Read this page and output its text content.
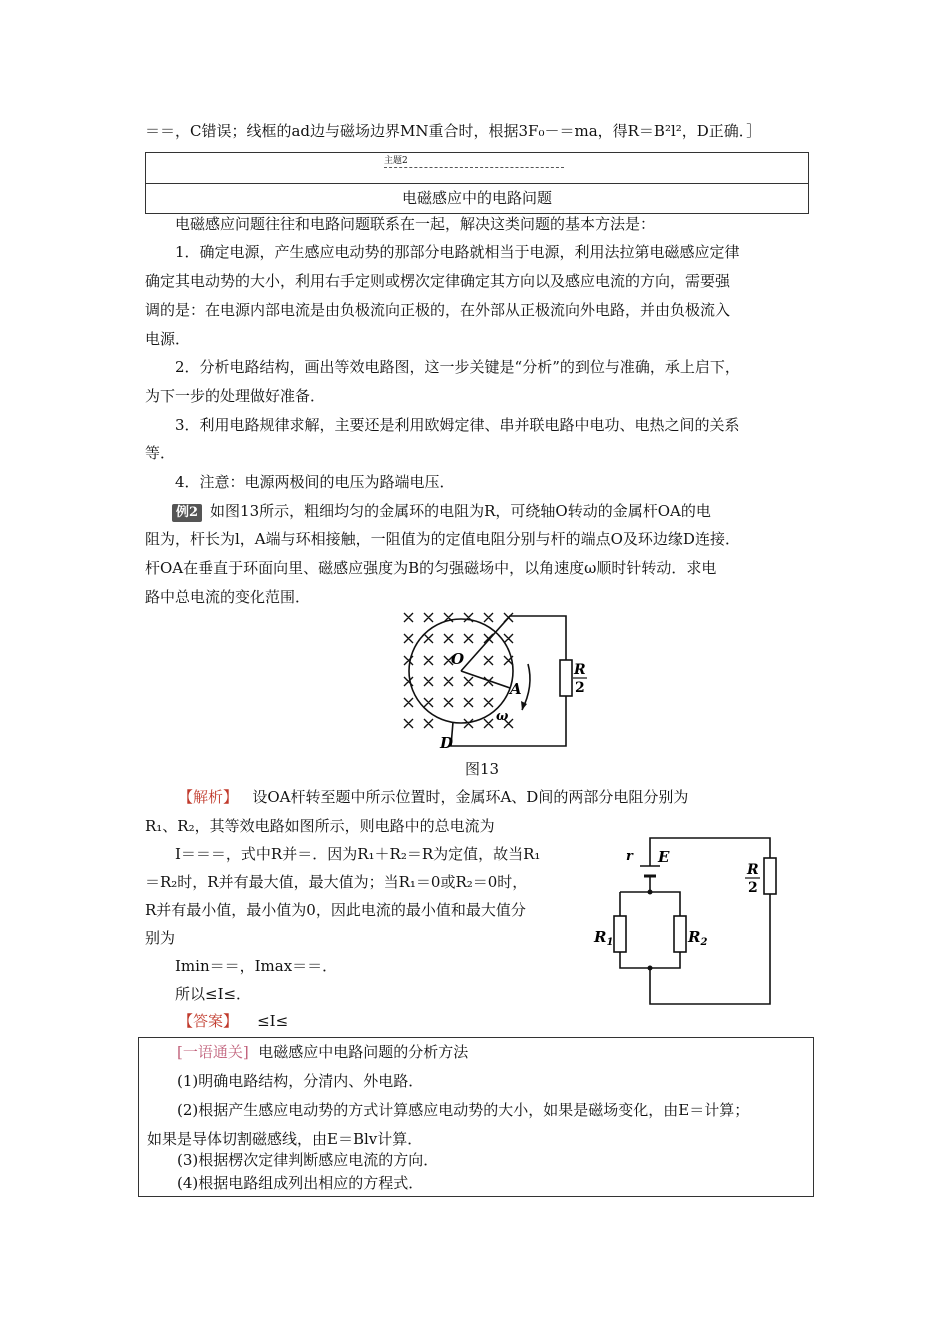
＝＝，C错误；线框的ad边与磁场边界MN重合时，根据3F₀－＝ma，得R＝B²l²，D正确．］
主题2
电磁感应中的电路问题
电磁感应问题往往和电路问题联系在一起，解决这类问题的基本方法是：
1．确定电源，产生感应电动势的那部分电路就相当于电源，利用法拉第电磁感应定律
确定其电动势的大小，利用右手定则或楞次定律确定其方向以及感应电流的方向，需要强
调的是：在电源内部电流是由负极流向正极的，在外部从正极流向外电路，并由负极流入
电源．
2．分析电路结构，画出等效电路图，这一步关键是“分析”的到位与准确，承上启下，
为下一步的处理做好准备．
3．利用电路规律求解，主要还是利用欧姆定律、串并联电路中电功、电热之间的关系
等．
4．注意：电源两极间的电压为路端电压．
例2 如图13所示，粗细均匀的金属环的电阻为R，可绕轴O转动的金属杆OA的电
阻为，杆长为l，A端与环相接触，一阻值为的定值电阻分别与杆的端点O及环边缘D连接．
杆OA在垂直于环面向里、磁感应强度为B的匀强磁场中，以角速度ω顺时针转动．求电
路中总电流的变化范围．
O
A
D
ω
R
2
图13
【解析】 设OA杆转至题中所示位置时，金属环A、D间的两部分电阻分别为
R₁、R₂，其等效电路如图所示，则电路中的总电流为
I＝＝＝，式中R并＝．因为R₁＋R₂＝R为定值，故当R₁
＝R₂时，R并有最大值，最大值为；当R₁＝0或R₂＝0时，
R并有最小值，最小值为0，因此电流的最小值和最大值分
别为
Imin＝＝，Imax＝＝．
所以≤I≤．
r E
$R_1$	$R_2$
R
2
【答案】 ≤I≤
[一语通关] 电磁感应中电路问题的分析方法
(1)明确电路结构，分清内、外电路．
(2)根据产生感应电动势的方式计算感应电动势的大小，如果是磁场变化，由E＝计算；
如果是导体切割磁感线，由E＝Blv计算．
(3)根据楞次定律判断感应电流的方向．
(4)根据电路组成列出相应的方程式．
